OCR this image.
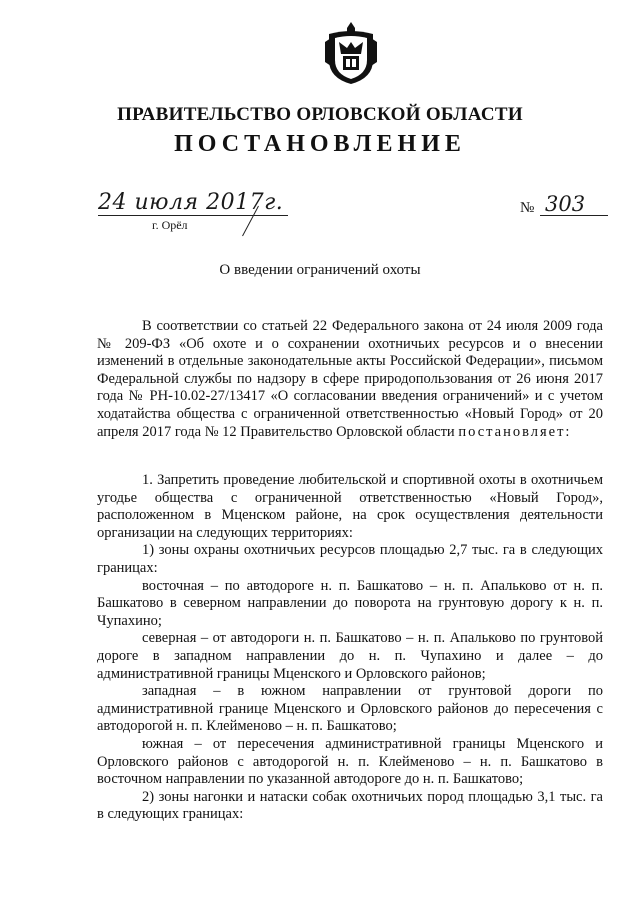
ПРАВИТЕЛЬСТВО ОРЛОВСКОЙ ОБЛАСТИ
ПОСТАНОВЛЕНИЕ
24 июля 2017г.
г. Орёл
№ 303
О введении ограничений охоты

В соответствии со статьей 22 Федерального закона от 24 июля 2009 года № 209-ФЗ «Об охоте и о сохранении охотничьих ресурсов и о внесении изменений в отдельные законодательные акты Российской Федерации», письмом Федеральной службы по надзору в сфере природопользования от 26 июня 2017 года № РН-10.02-27/13417 «О согласовании введения ограничений» и с учетом ходатайства общества с ограниченной ответственностью «Новый Город» от 20 апреля 2017 года № 12 Правительство Орловской области постановляет:

1. Запретить проведение любительской и спортивной охоты в охотничьем угодье общества с ограниченной ответственностью «Новый Город», расположенном в Мценском районе, на срок осуществления деятельности организации на следующих территориях:

1) зоны охраны охотничьих ресурсов площадью 2,7 тыс. га в следующих границах:

восточная – по автодороге н. п. Башкатово – н. п. Апальково от н. п. Башкатово в северном направлении до поворота на грунтовую дорогу к н. п. Чупахино;

северная – от автодороги н. п. Башкатово – н. п. Апальково по грунтовой дороге в западном направлении до н. п. Чупахино и далее – до административной границы Мценского и Орловского районов;

западная – в южном направлении от грунтовой дороги по административной границе Мценского и Орловского районов до пересечения с автодорогой н. п. Клейменово – н. п. Башкатово;

южная – от пересечения административной границы Мценского и Орловского районов с автодорогой н. п. Клейменово – н. п. Башкатово в восточном направлении по указанной автодороге до н. п. Башкатово;

2) зоны нагонки и натаски собак охотничьих пород площадью 3,1 тыс. га в следующих границах:
